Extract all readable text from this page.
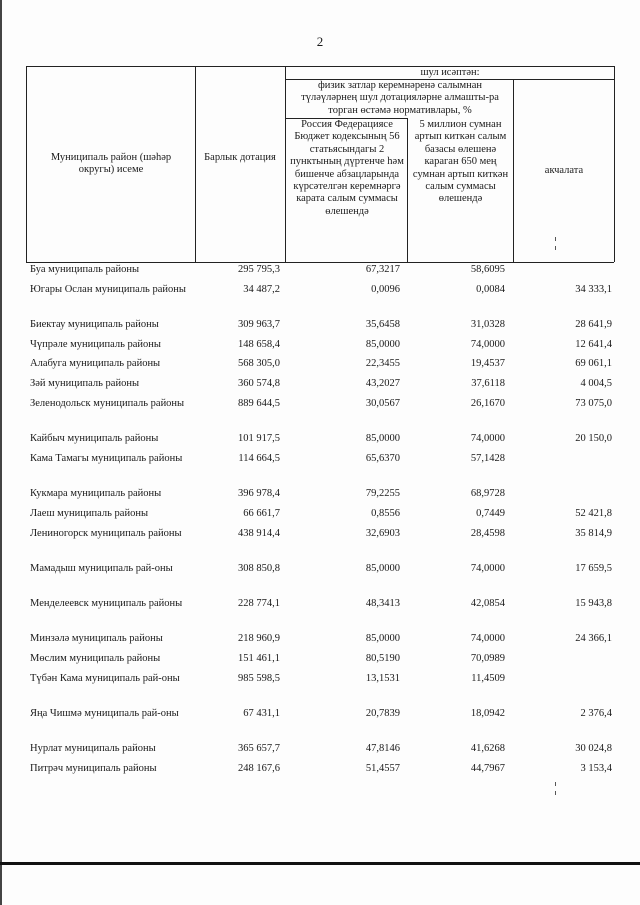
2
Муниципаль район (шәһәр округы) исеме
Барлык дотация
шул исәптән:
физик затлар керемнәренә салымнан түләүләрнең шул дотацияләрне алмашты-ра торган өстәмә нормативлары, %
Россия Федерациясе Бюджет кодексының 56 статьясындагы 2 пунктының дүртенче һәм бишенче абзацларында күрсәтелгән керемнәргә карата салым суммасы өлешендә
5 миллион сумнан артып киткән салым базасы өлешенә караган 650 мең сумнан артып киткән салым суммасы өлешендә
акчалата
Буа муниципаль районы	295 795,3	67,3217	58,6095
Югары Ослан муниципаль районы	34 487,2	0,0096	0,0084	34 333,1
Биектау муниципаль районы	309 963,7	35,6458	31,0328	28 641,9
Чүпрәле муниципаль районы	148 658,4	85,0000	74,0000	12 641,4
Алабуга муниципаль районы	568 305,0	22,3455	19,4537	69 061,1
Зәй муниципаль районы	360 574,8	43,2027	37,6118	4 004,5
Зеленодольск муниципаль районы	889 644,5	30,0567	26,1670	73 075,0
Кайбыч муниципаль районы	101 917,5	85,0000	74,0000	20 150,0
Кама Тамагы муниципаль районы	114 664,5	65,6370	57,1428
Кукмара муниципаль районы	396 978,4	79,2255	68,9728
Лаеш муниципаль районы	66 661,7	0,8556	0,7449	52 421,8
Лениногорск муниципаль районы	438 914,4	32,6903	28,4598	35 814,9
Мамадыш муниципаль рай-оны	308 850,8	85,0000	74,0000	17 659,5
Менделеевск муниципаль районы	228 774,1	48,3413	42,0854	15 943,8
Минзәлә муниципаль районы	218 960,9	85,0000	74,0000	24 366,1
Мөслим муниципаль районы	151 461,1	80,5190	70,0989
Түбән Кама муниципаль рай-оны	985 598,5	13,1531	11,4509
Яңа Чишмә муниципаль рай-оны	67 431,1	20,7839	18,0942	2 376,4
Нурлат муниципаль районы	365 657,7	47,8146	41,6268	30 024,8
Питрәч муниципаль районы	248 167,6	51,4557	44,7967	3 153,4
